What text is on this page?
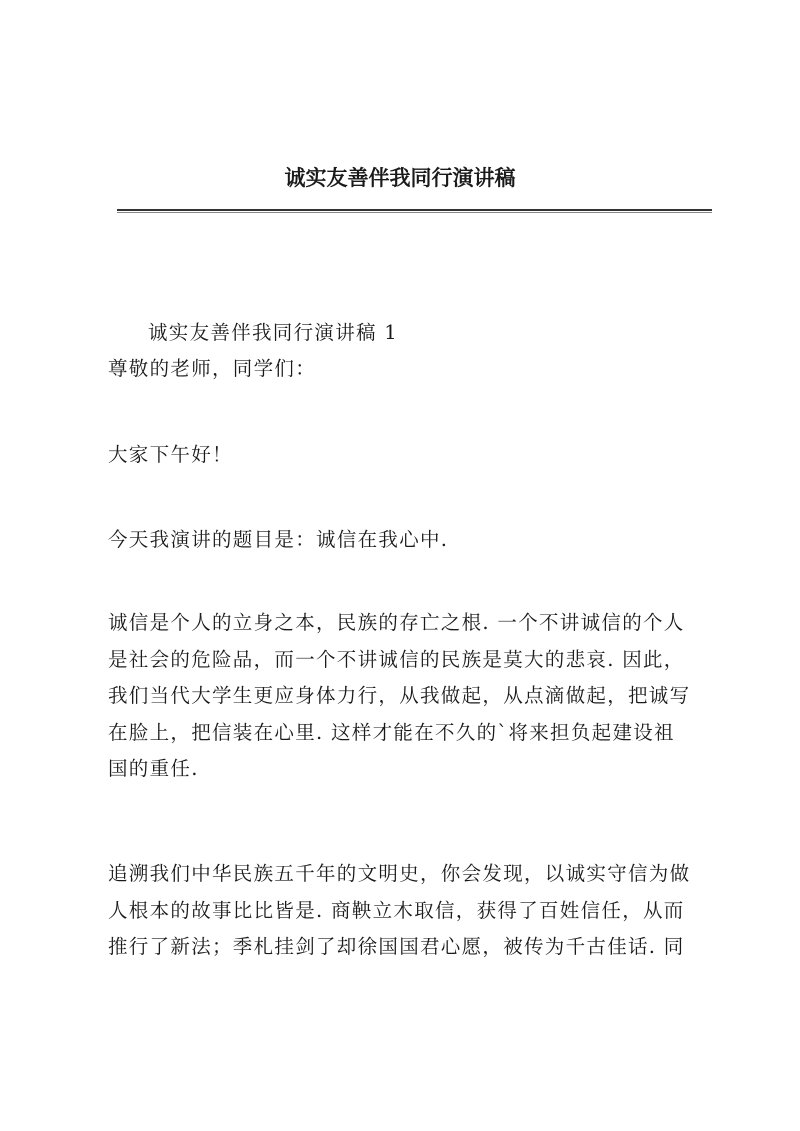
诚实友善伴我同行演讲稿
诚实友善伴我同行演讲稿 1
尊敬的老师，同学们：
大家下午好！
今天我演讲的题目是：诚信在我心中.
诚信是个人的立身之本，民族的存亡之根. 一个不讲诚信的个人
是社会的危险品，而一个不讲诚信的民族是莫大的悲哀. 因此，
我们当代大学生更应身体力行，从我做起，从点滴做起，把诚写
在脸上，把信装在心里. 这样才能在不久的`将来担负起建设祖
国的重任.
追溯我们中华民族五千年的文明史，你会发现，以诚实守信为做
人根本的故事比比皆是. 商鞅立木取信，获得了百姓信任，从而
推行了新法；季札挂剑了却徐国国君心愿，被传为千古佳话. 同
